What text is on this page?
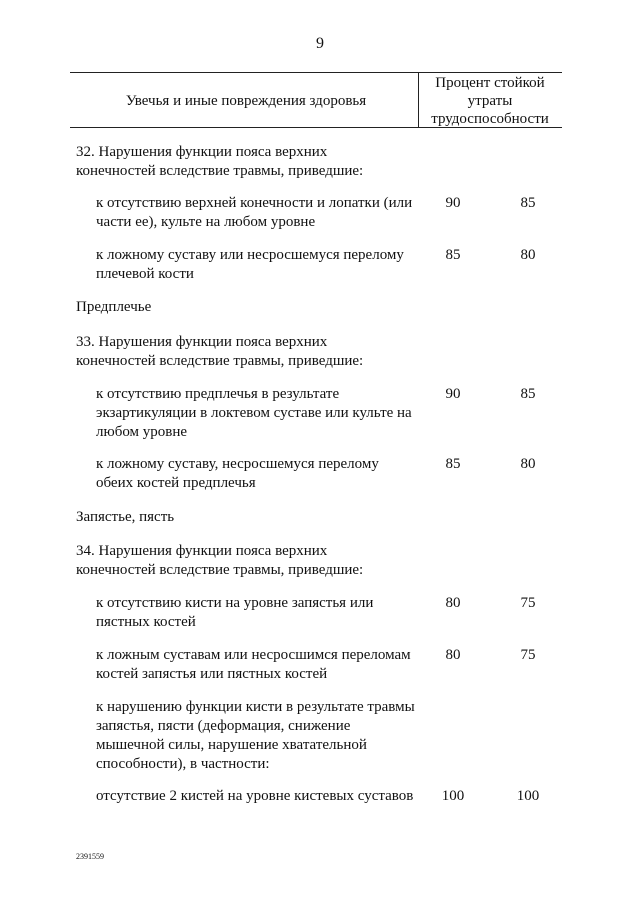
9
Увечья и иные повреждения здоровья
Процент стойкой утраты трудоспособности
32. Нарушения функции пояса верхних конечностей вследствие травмы, приведшие:
к отсутствию верхней конечности и лопатки (или части ее), культе на любом уровне
90	85
к ложному суставу или несросшемуся перелому плечевой кости
85	80
Предплечье
33. Нарушения функции пояса верхних конечностей вследствие травмы, приведшие:
к отсутствию предплечья в результате экзартикуляции в локтевом суставе или культе на любом уровне
90	85
к ложному суставу, несросшемуся перелому обеих костей предплечья
85	80
Запястье, пясть
34. Нарушения функции пояса верхних конечностей вследствие травмы, приведшие:
к отсутствию кисти на уровне запястья или пястных костей
80	75
к ложным суставам или несросшимся переломам костей запястья или пястных костей
80	75
к нарушению функции кисти в результате травмы запястья, пясти (деформация, снижение мышечной силы, нарушение хватательной способности), в частности:
отсутствие 2 кистей на уровне кистевых суставов	100	100
2391559
